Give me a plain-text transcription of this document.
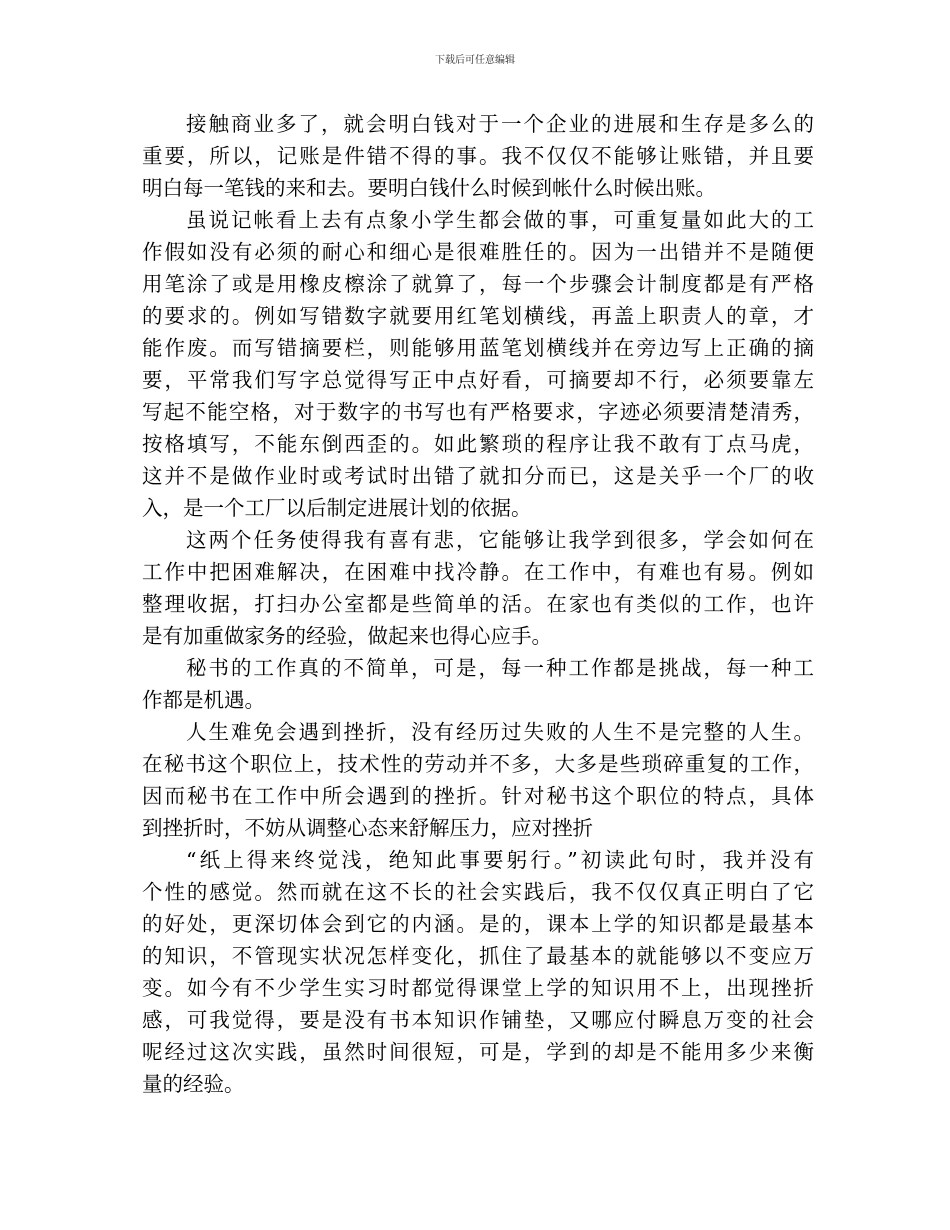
下载后可任意编辑
接触商业多了，就会明白钱对于一个企业的进展和生存是多么的
重要，所以，记账是件错不得的事。我不仅仅不能够让账错，并且要
明白每一笔钱的来和去。要明白钱什么时候到帐什么时候出账。
虽说记帐看上去有点象小学生都会做的事，可重复量如此大的工
作假如没有必须的耐心和细心是很难胜任的。因为一出错并不是随便
用笔涂了或是用橡皮檫涂了就算了，每一个步骤会计制度都是有严格
的要求的。例如写错数字就要用红笔划横线，再盖上职责人的章，才
能作废。而写错摘要栏，则能够用蓝笔划横线并在旁边写上正确的摘
要，平常我们写字总觉得写正中点好看，可摘要却不行，必须要靠左
写起不能空格，对于数字的书写也有严格要求，字迹必须要清楚清秀，
按格填写，不能东倒西歪的。如此繁琐的程序让我不敢有丁点马虎，
这并不是做作业时或考试时出错了就扣分而已，这是关乎一个厂的收
入，是一个工厂以后制定进展计划的依据。
这两个任务使得我有喜有悲，它能够让我学到很多，学会如何在
工作中把困难解决，在困难中找冷静。在工作中，有难也有易。例如
整理收据，打扫办公室都是些简单的活。在家也有类似的工作，也许
是有加重做家务的经验，做起来也得心应手。
秘书的工作真的不简单，可是，每一种工作都是挑战，每一种工
作都是机遇。
人生难免会遇到挫折，没有经历过失败的人生不是完整的人生。
在秘书这个职位上，技术性的劳动并不多，大多是些琐碎重复的工作，
因而秘书在工作中所会遇到的挫折。针对秘书这个职位的特点，具体
到挫折时，不妨从调整心态来舒解压力，应对挫折
“纸上得来终觉浅，绝知此事要躬行。”初读此句时，我并没有
个性的感觉。然而就在这不长的社会实践后，我不仅仅真正明白了它
的好处，更深切体会到它的内涵。是的，课本上学的知识都是最基本
的知识，不管现实状况怎样变化，抓住了最基本的就能够以不变应万
变。如今有不少学生实习时都觉得课堂上学的知识用不上，出现挫折
感，可我觉得，要是没有书本知识作铺垫，又哪应付瞬息万变的社会
呢经过这次实践，虽然时间很短，可是，学到的却是不能用多少来衡
量的经验。
